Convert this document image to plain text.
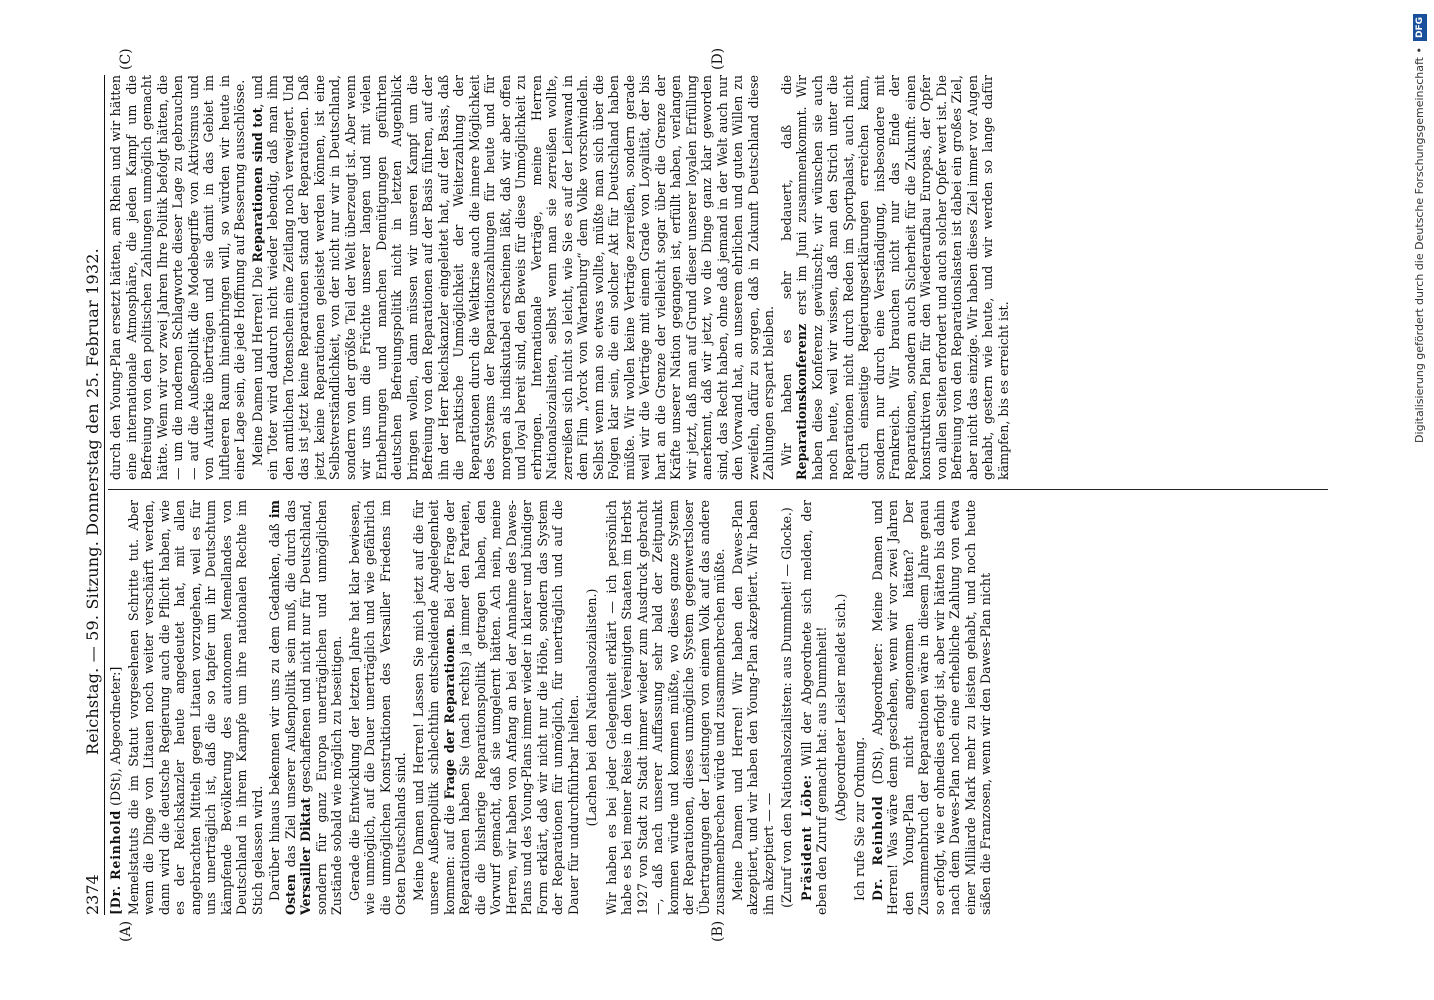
2374
Reichstag. — 59. Sitzung. Donnerstag den 25. Februar 1932.
(A)	(B)
(C)	(D)

[Dr. Reinhold (DSt), Abgeordneter:] Memelstatuts die im Statut vorgesehenen Schritte tut. Aber wenn die Dinge von Litauen noch weiter verschärft werden, dann wird die deutsche Regierung auch die Pflicht haben, wie es der Reichskanzler heute angedeutet hat, mit allen angebrachten Mitteln gegen Litauen vorzugehen, weil es für uns unerträglich ist, daß die so tapfer um ihr Deutschtum kämpfende Bevölkerung des autonomen Memellandes von Deutschland in ihrem Kampfe um ihre nationalen Rechte im Stich gelassen wird. Darüber hinaus bekennen wir uns zu dem Gedanken, daß im Osten das Ziel unserer Außenpolitik sein muß, die durch das Versailler Diktat geschaffenen und nicht nur für Deutschland, sondern für ganz Europa unerträglichen und unmöglichen Zustände sobald wie möglich zu beseitigen. Gerade die Entwicklung der letzten Jahre hat klar bewiesen, wie unmöglich, auf die Dauer unerträglich und wie gefährlich die unmöglichen Konstruktionen des Versailler Friedens im Osten Deutschlands sind. Meine Damen und Herren! Lassen Sie mich jetzt auf die für unsere Außenpolitik schlechthin entscheidende Angelegenheit kommen: auf die Frage der Reparationen. Bei der Frage der Reparationen haben Sie (nach rechts) ja immer den Parteien, die die bisherige Reparationspolitik getragen haben, den Vorwurf gemacht, daß sie umgelernt hätten. Ach nein, meine Herren, wir haben von Anfang an bei der Annahme des Dawes-Plans und des Young-Plans immer wieder in klarer und bündiger Form erklärt, daß wir nicht nur die Höhe, sondern das System der Reparationen für unmöglich, für unerträglich und auf die Dauer für undurchführbar hielten. (Lachen bei den Nationalsozialisten.) Wir haben es bei jeder Gelegenheit erklärt — ich persönlich habe es bei meiner Reise in den Vereinigten Staaten im Herbst 1927 von Stadt zu Stadt immer wieder zum Ausdruck gebracht —, daß nach unserer Auffassung sehr bald der Zeitpunkt kommen würde und kommen müßte, wo dieses ganze System der Reparationen, dieses unmögliche System gegenwertsloser Übertragungen der Leistungen von einem Volk auf das andere zusammenbrechen würde und zusammenbrechen müßte. Meine Damen und Herren! Wir haben den Dawes-Plan akzeptiert, und wir haben den Young-Plan akzeptiert. Wir haben ihn akzeptiert — — (Zuruf von den Nationalsozialisten: aus Dummheit! — Glocke.) Präsident Löbe: Will der Abgeordnete sich melden, der eben den Zuruf gemacht hat: aus Dummheit! (Abgeordneter Leisler meldet sich.) Ich rufe Sie zur Ordnung. Dr. Reinhold (DSt), Abgeordneter: Meine Damen und Herren! Was wäre denn geschehen, wenn wir vor zwei Jahren den Young-Plan nicht angenommen hätten? Der Zusammenbruch der Reparationen wäre in diesem Jahre genau so erfolgt, wie er ohnedies erfolgt ist, aber wir hätten bis dahin nach dem Dawes-Plan noch eine erhebliche Zahlung von etwa einer Milliarde Mark mehr zu leisten gehabt, und noch heute säßen die Franzosen, wenn wir den Dawes-Plan nicht

durch den Young-Plan ersetzt hätten, am Rhein und wir hätten eine internationale Atmosphäre, die jeden Kampf um die Befreiung von den politischen Zahlungen unmöglich gemacht hätte. Wenn wir vor zwei Jahren Ihre Politik befolgt hätten, die — um die modernen Schlagworte dieser Lage zu gebrauchen — auf die Außenpolitik die Modebegriffe von Aktivismus und von Autarkie überträgen und sie damit in das Gebiet im luftleeren Raum hineinbringen will, so würden wir heute in einer Lage sein, die jede Hoffnung auf Besserung ausschlösse. Meine Damen und Herren! Die Reparationen sind tot, und ein Toter wird dadurch nicht wieder lebendig, daß man ihm den amtlichen Totenschein eine Zeitlang noch verweigert. Und das ist jetzt keine Reparationen stand der Reparationen. Daß jetzt keine Reparationen geleistet werden können, ist eine Selbstverständlichkeit, von der nicht nur wir in Deutschland, sondern von der größte Teil der Welt überzeugt ist. Aber wenn wir uns um die Früchte unserer langen und mit vielen Entbehrungen und manchen Demütigungen geführten deutschen Befreiungspolitik nicht in letzten Augenblick bringen wollen, dann müssen wir unseren Kampf um die Befreiung von den Reparationen auf der Basis führen, auf der ihn der Herr Reichskanzler eingeleitet hat, auf der Basis, daß die praktische Unmöglichkeit der Weiterzahlung der Reparationen durch die Weltkrise auch die innere Möglichkeit des Systems der Reparationszahlungen für heute und für morgen als indiskutabel erscheinen läßt, daß wir aber offen und loyal bereit sind, den Beweis für diese Unmöglichkeit zu erbringen. Internationale Verträge, meine Herren Nationalsozialisten, selbst wenn man sie zerreißen wollte, zerreißen sich nicht so leicht, wie Sie es auf der Leinwand in dem Film „Yorck von Wartenburg“ dem Volke vorschwindeln. Selbst wenn man so etwas wollte, müßte man sich über die Folgen klar sein, die ein solcher Akt für Deutschland haben müßte. Wir wollen keine Verträge zerreißen, sondern gerade weil wir die Verträge mit einem Grade von Loyalität, der bis hart an die Grenze der vielleicht sogar über die Grenze der Kräfte unserer Nation gegangen ist, erfüllt haben, verlangen wir jetzt, daß man auf Grund dieser unserer loyalen Erfüllung anerkennt, daß wir jetzt, wo die Dinge ganz klar geworden sind, das Recht haben, ohne daß jemand in der Welt auch nur den Vorwand hat, an unserem ehrlichen und guten Willen zu zweifeln, dafür zu sorgen, daß in Zukunft Deutschland diese Zahlungen erspart bleiben. Wir haben es sehr bedauert, daß die Reparationskonferenz erst im Juni zusammenkommt. Wir haben diese Konferenz gewünscht; wir wünschen sie auch noch heute, weil wir wissen, daß man den Strich unter die Reparationen nicht durch Reden im Sportpalast, auch nicht durch einseitige Regierungserklärungen erreichen kann, sondern nur durch eine Verständigung, insbesondere mit Frankreich. Wir brauchen nicht nur das Ende der Reparationen, sondern auch Sicherheit für die Zukunft: einen konstruktiven Plan für den Wiederaufbau Europas, der Opfer von allen Seiten erfordert und auch solcher Opfer wert ist. Die Befreiung von den Reparationslasten ist dabei ein großes Ziel, aber nicht das einzige. Wir haben dieses Ziel immer vor Augen gehabt, gestern wie heute, und wir werden so lange dafür kämpfen, bis es erreicht ist.	Digitalisierung gefördert durch die Deutsche Forschungsgemeinschaft •
DFG
